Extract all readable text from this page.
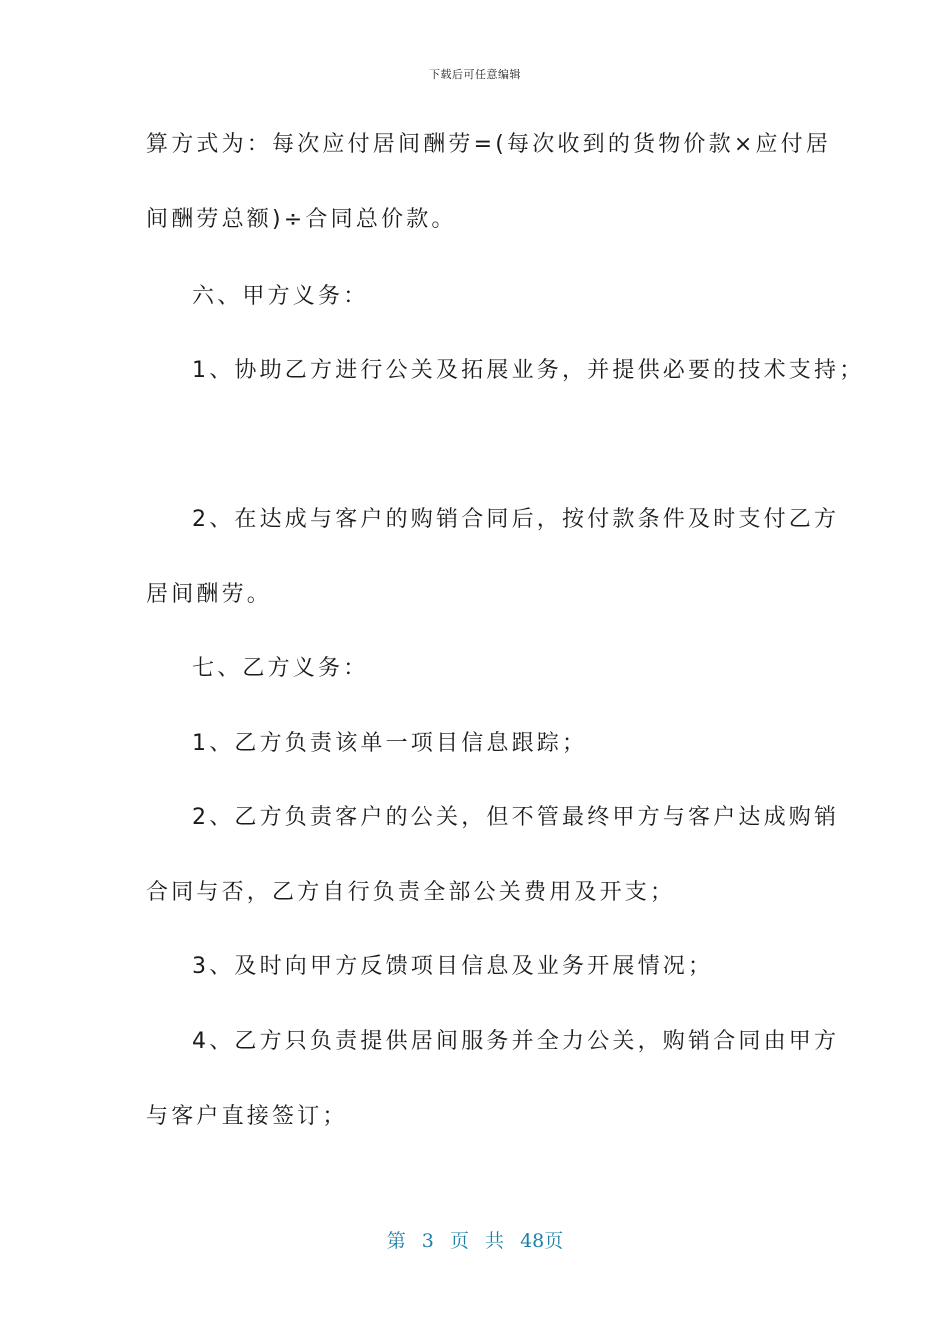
下载后可任意编辑
算方式为：每次应付居间酬劳=(每次收到的货物价款×应付居
间酬劳总额)÷合同总价款。
六、甲方义务：
1、协助乙方进行公关及拓展业务，并提供必要的技术支持；
2、在达成与客户的购销合同后，按付款条件及时支付乙方
居间酬劳。
七、乙方义务：
1、乙方负责该单一项目信息跟踪；
2、乙方负责客户的公关，但不管最终甲方与客户达成购销
合同与否，乙方自行负责全部公关费用及开支；
3、及时向甲方反馈项目信息及业务开展情况；
4、乙方只负责提供居间服务并全力公关，购销合同由甲方
与客户直接签订；
第 3 页 共 48页
